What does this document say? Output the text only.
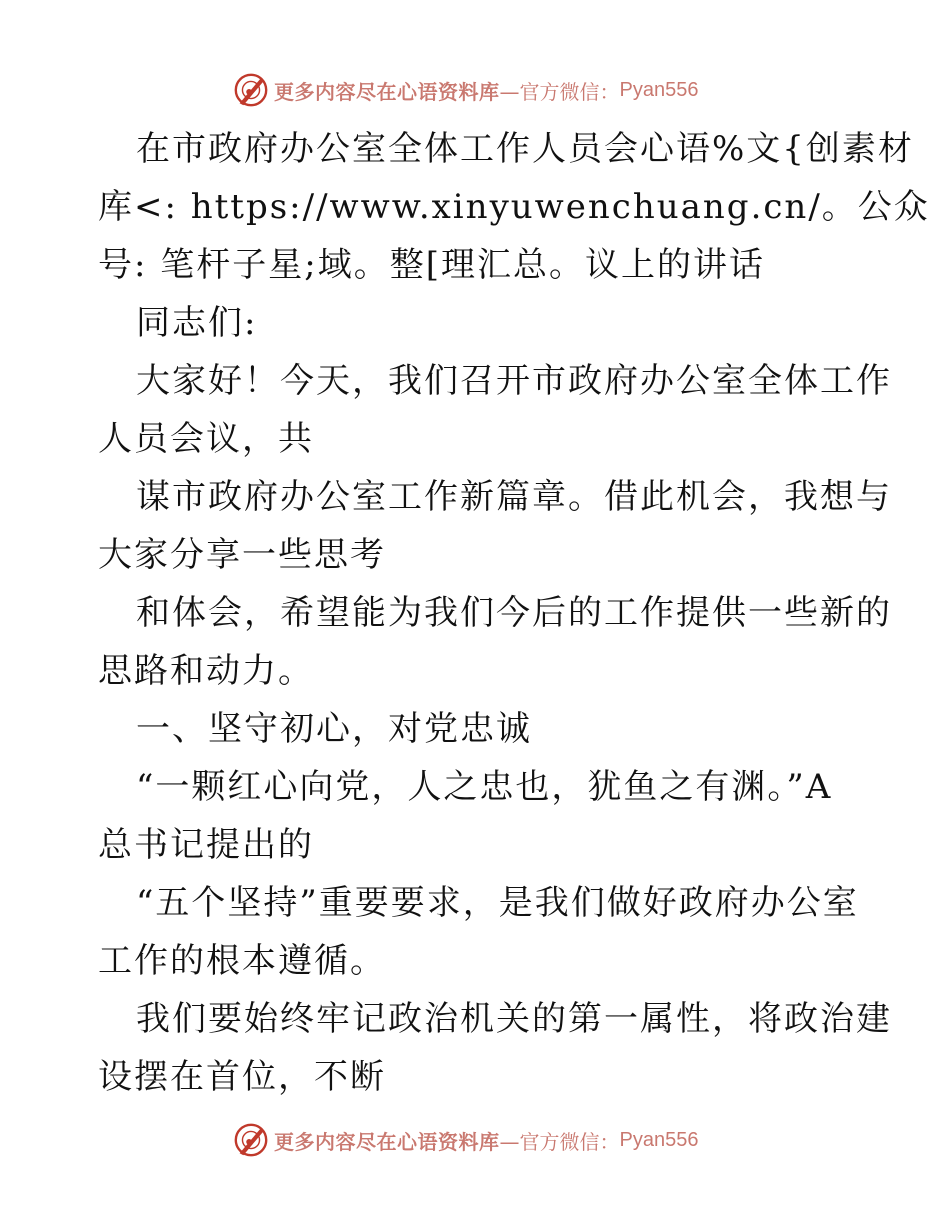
更多内容尽在心语资料库 —官方微信： Pyan556
在市政府办公室全体工作人员会心语%文{创素材
库<: https://www.xinyuwenchuang.cn/。公众
号: 笔杆子星;域。整[理汇总。议上的讲话
同志们:
大家好！今天，我们召开市政府办公室全体工作
人员会议，共
谋市政府办公室工作新篇章。借此机会，我想与
大家分享一些思考
和体会，希望能为我们今后的工作提供一些新的
思路和动力。
一、坚守初心，对党忠诚
“一颗红心向党，人之忠也，犹鱼之有渊。”A
总书记提出的
“五个坚持”重要要求，是我们做好政府办公室
工作的根本遵循。
我们要始终牢记政治机关的第一属性，将政治建
设摆在首位，不断
更多内容尽在心语资料库 —官方微信： Pyan556
